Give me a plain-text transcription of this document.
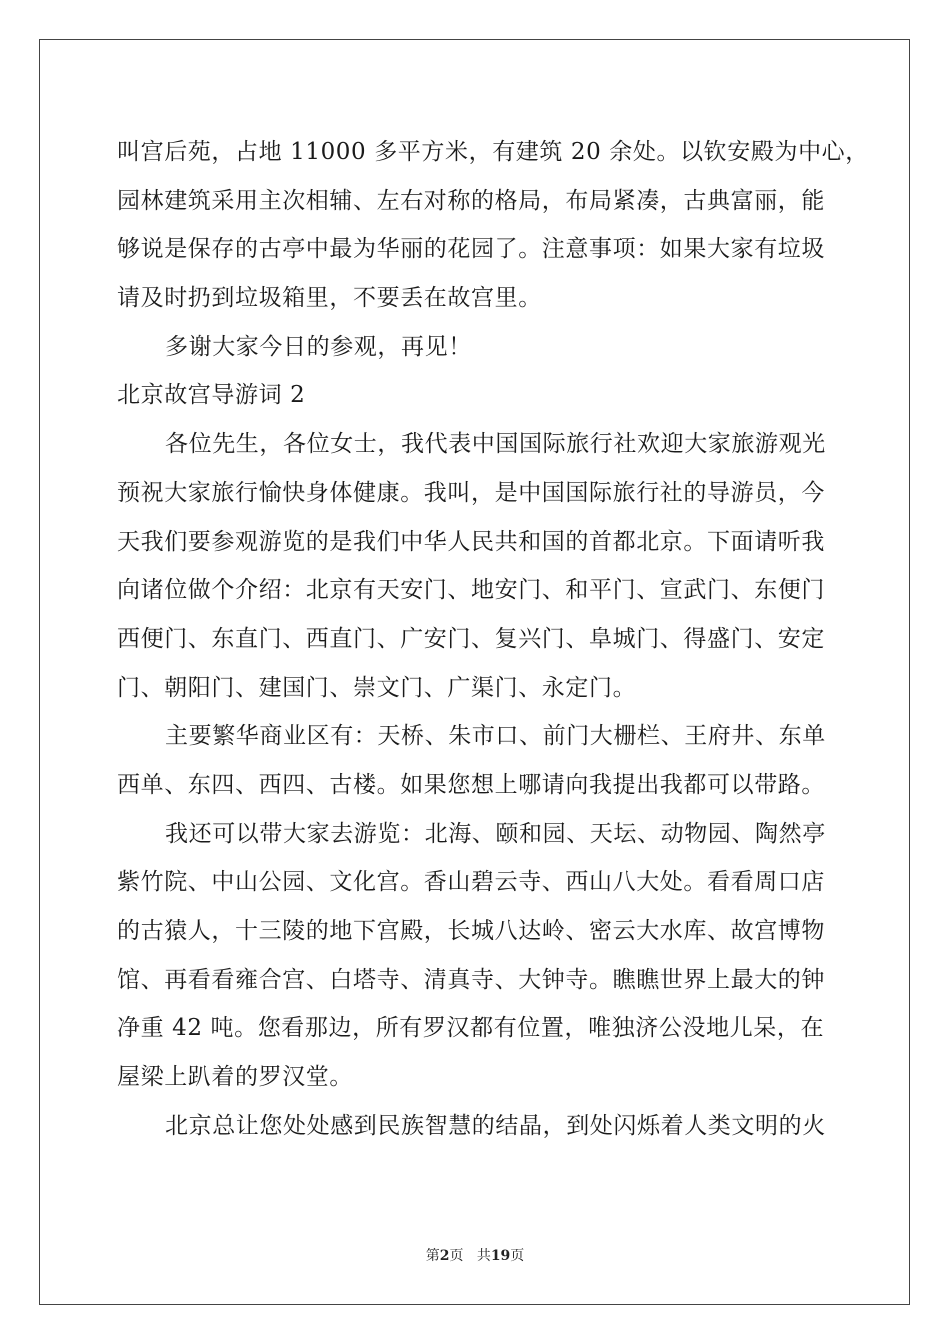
叫宫后苑，占地 11000 多平方米，有建筑 20 余处。以钦安殿为中心，
园林建筑采用主次相辅、左右对称的格局，布局紧凑，古典富丽，能
够说是保存的古亭中最为华丽的花园了。注意事项：如果大家有垃圾
请及时扔到垃圾箱里，不要丢在故宫里。
多谢大家今日的参观，再见！
北京故宫导游词 2
各位先生，各位女士，我代表中国国际旅行社欢迎大家旅游观光
预祝大家旅行愉快身体健康。我叫，是中国国际旅行社的导游员，今
天我们要参观游览的是我们中华人民共和国的首都北京。下面请听我
向诸位做个介绍：北京有天安门、地安门、和平门、宣武门、东便门
西便门、东直门、西直门、广安门、复兴门、阜城门、得盛门、安定
门、朝阳门、建国门、崇文门、广渠门、永定门。
主要繁华商业区有：天桥、朱市口、前门大栅栏、王府井、东单
西单、东四、西四、古楼。如果您想上哪请向我提出我都可以带路。
我还可以带大家去游览：北海、颐和园、天坛、动物园、陶然亭
紫竹院、中山公园、文化宫。香山碧云寺、西山八大处。看看周口店
的古猿人，十三陵的地下宫殿，长城八达岭、密云大水库、故宫博物
馆、再看看雍合宫、白塔寺、清真寺、大钟寺。瞧瞧世界上最大的钟
净重 42 吨。您看那边，所有罗汉都有位置，唯独济公没地儿呆，在
屋梁上趴着的罗汉堂。
北京总让您处处感到民族智慧的结晶，到处闪烁着人类文明的火
第2页 共19页
